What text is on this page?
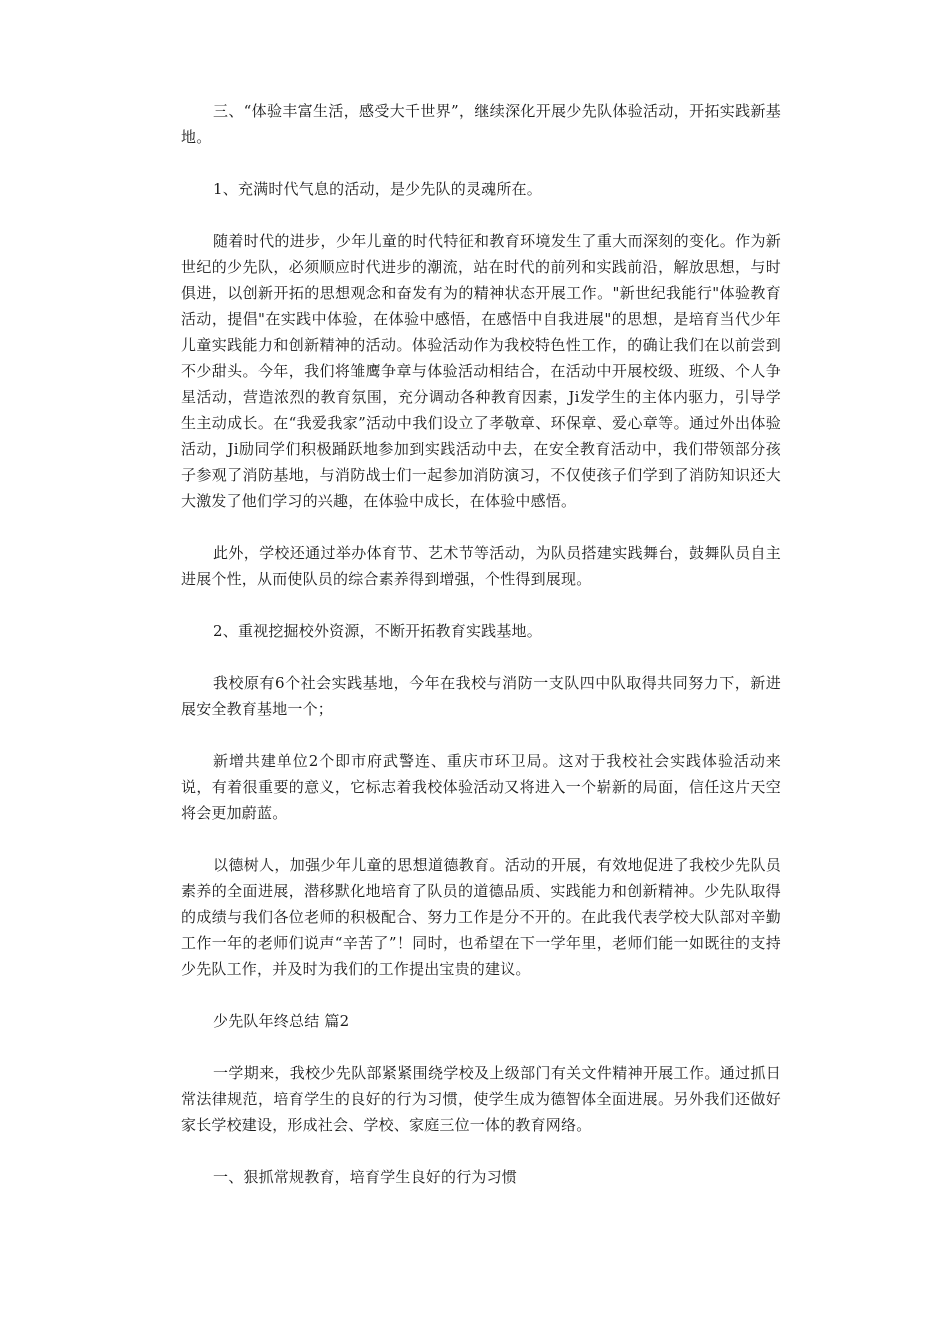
三、“体验丰富生活，感受大千世界”，继续深化开展少先队体验活动，开拓实践新基地。

1、充满时代气息的活动，是少先队的灵魂所在。

随着时代的进步，少年儿童的时代特征和教育环境发生了重大而深刻的变化。作为新世纪的少先队，必须顺应时代进步的潮流，站在时代的前列和实践前沿，解放思想，与时俱进，以创新开拓的思想观念和奋发有为的精神状态开展工作。"新世纪我能行"体验教育活动，提倡"在实践中体验，在体验中感悟，在感悟中自我进展"的思想，是培育当代少年儿童实践能力和创新精神的活动。体验活动作为我校特色性工作，的确让我们在以前尝到不少甜头。今年，我们将雏鹰争章与体验活动相结合，在活动中开展校级、班级、个人争星活动，营造浓烈的教育氛围，充分调动各种教育因素，Ji发学生的主体内驱力，引导学生主动成长。在“我爱我家”活动中我们设立了孝敬章、环保章、爱心章等。通过外出体验活动，Ji励同学们积极踊跃地参加到实践活动中去，在安全教育活动中，我们带领部分孩子参观了消防基地，与消防战士们一起参加消防演习，不仅使孩子们学到了消防知识还大大激发了他们学习的兴趣，在体验中成长，在体验中感悟。

此外，学校还通过举办体育节、艺术节等活动，为队员搭建实践舞台，鼓舞队员自主进展个性，从而使队员的综合素养得到增强，个性得到展现。

2、重视挖掘校外资源，不断开拓教育实践基地。

我校原有6个社会实践基地，今年在我校与消防一支队四中队取得共同努力下，新进展安全教育基地一个；

新增共建单位2个即市府武警连、重庆市环卫局。这对于我校社会实践体验活动来说，有着很重要的意义，它标志着我校体验活动又将进入一个崭新的局面，信任这片天空将会更加蔚蓝。

以德树人，加强少年儿童的思想道德教育。活动的开展，有效地促进了我校少先队员素养的全面进展，潜移默化地培育了队员的道德品质、实践能力和创新精神。少先队取得的成绩与我们各位老师的积极配合、努力工作是分不开的。在此我代表学校大队部对辛勤工作一年的老师们说声“辛苦了”！同时，也希望在下一学年里，老师们能一如既往的支持少先队工作，并及时为我们的工作提出宝贵的建议。

少先队年终总结 篇2

一学期来，我校少先队部紧紧围绕学校及上级部门有关文件精神开展工作。通过抓日常法律规范，培育学生的良好的行为习惯，使学生成为德智体全面进展。另外我们还做好家长学校建设，形成社会、学校、家庭三位一体的教育网络。

一、狠抓常规教育，培育学生良好的行为习惯
